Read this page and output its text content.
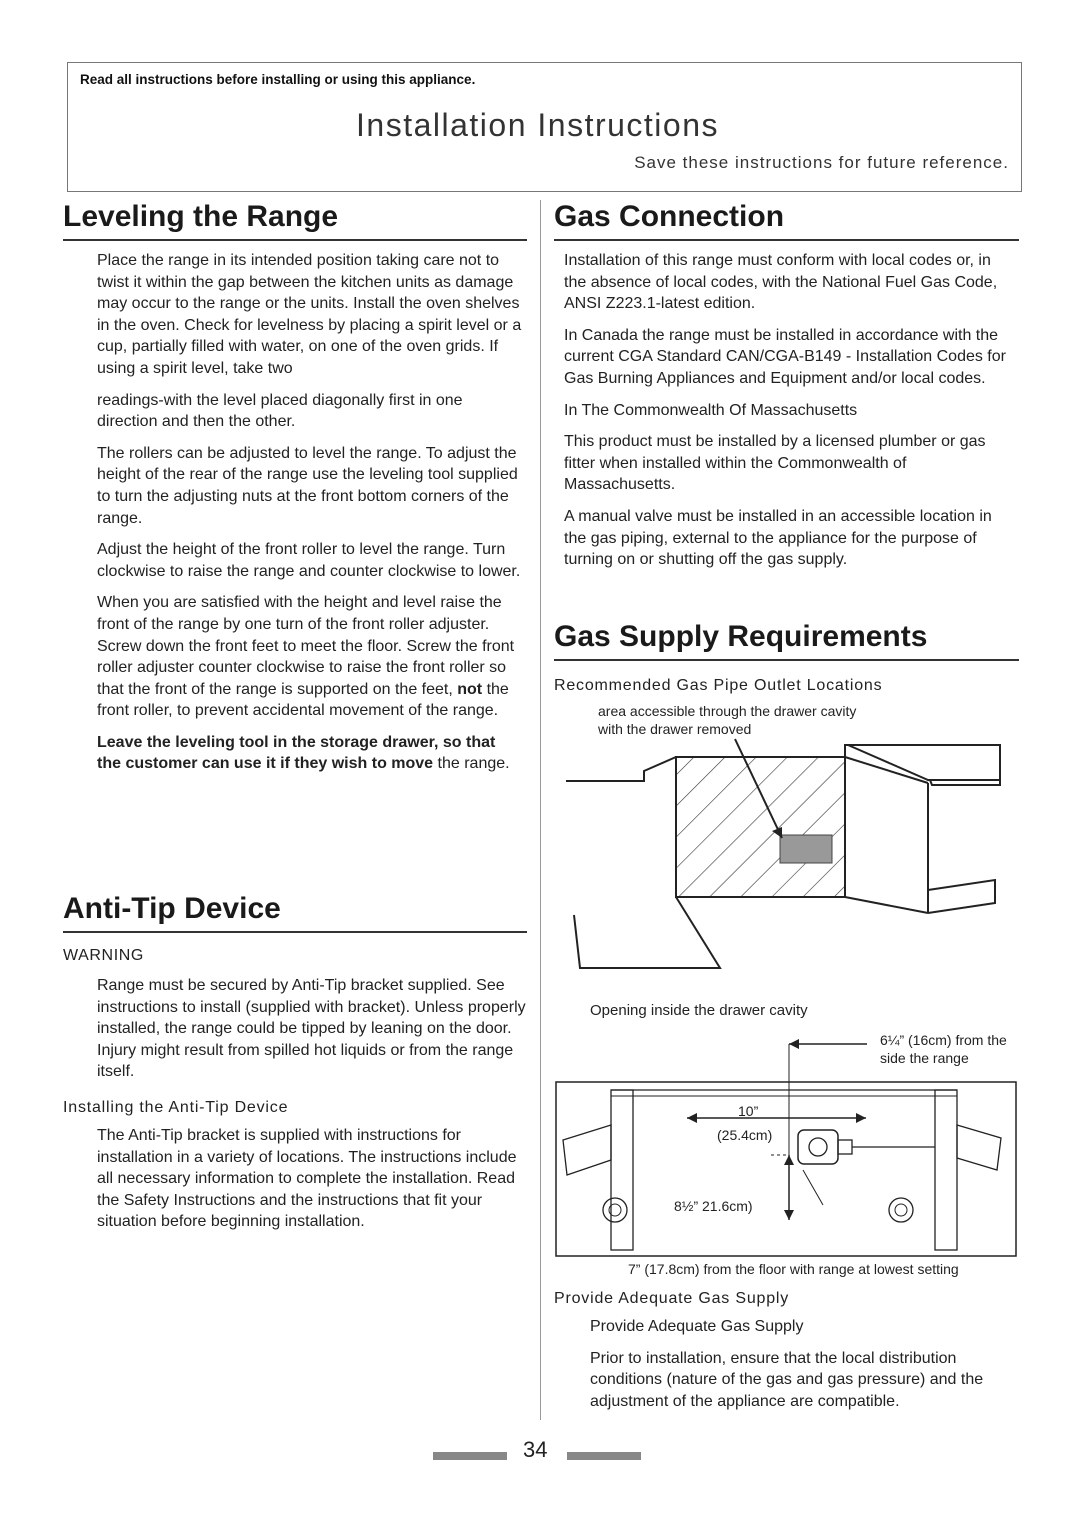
Read all instructions before installing or using this appliance.
Installation Instructions
Save these instructions for future reference.
Leveling the Range

Place the range in its intended position taking care not to twist it within the gap between the kitchen units as damage may occur to the range or the units. Install the oven shelves in the oven. Check for levelness by placing a spirit level or a cup, partially filled with water, on one of the oven grids. If using a spirit level, take two

readings-with the level placed diagonally first in one direction and then the other.

The rollers can be adjusted to level the range. To adjust the height of the rear of the range use the leveling tool supplied to turn the adjusting nuts at the front bottom corners of the range.

Adjust the height of the front roller to level the range. Turn clockwise to raise the range and counter clockwise to lower.

When you are satisfied with the height and level raise the front of the range by one turn of the front roller adjuster. Screw down the front feet to meet the floor. Screw the front roller adjuster counter clockwise to raise the front roller so that the front of the range is supported on the feet, not the front roller, to prevent accidental movement of the range.

Leave the leveling tool in the storage drawer, so that the customer can use it if they wish to move the range.

Anti-Tip Device
WARNING

Range must be secured by Anti-Tip bracket supplied. See instructions to install (supplied with bracket). Unless properly installed, the range could be tipped by leaning on the door. Injury might result from spilled hot liquids or from the range itself.

Installing the Anti-Tip Device

The Anti-Tip bracket is supplied with instructions for installation in a variety of locations. The instructions include all necessary information to complete the installation. Read the Safety Instructions and the instructions that fit your situation before beginning installation.

Gas Connection

Installation of this range must conform with local codes or, in the absence of local codes, with the National Fuel Gas Code, ANSI Z223.1-latest edition.

In Canada the range must be installed in accordance with the current CGA Standard CAN/CGA-B149 - Installation Codes for Gas Burning Appliances and Equipment and/or local codes.

In The Commonwealth Of Massachusetts

This product must be installed by a licensed plumber or gas fitter when installed within the Commonwealth of Massachusetts.

A manual valve must be installed in an accessible location in the gas piping, external to the appliance for the purpose of turning on or shutting off the gas supply.

Gas Supply Requirements
Recommended Gas Pipe Outlet Locations
area accessible through the drawer cavity with the drawer removed
Opening inside the drawer cavity
6¼” (16cm) from the side the range
10”
(25.4cm)
8½” 21.6cm)
7” (17.8cm) from the floor with range at lowest setting
Provide Adequate Gas Supply

Provide Adequate Gas Supply

Prior to installation, ensure that the local distribution conditions (nature of the gas and gas pressure) and the adjustment of the appliance are compatible.

34
